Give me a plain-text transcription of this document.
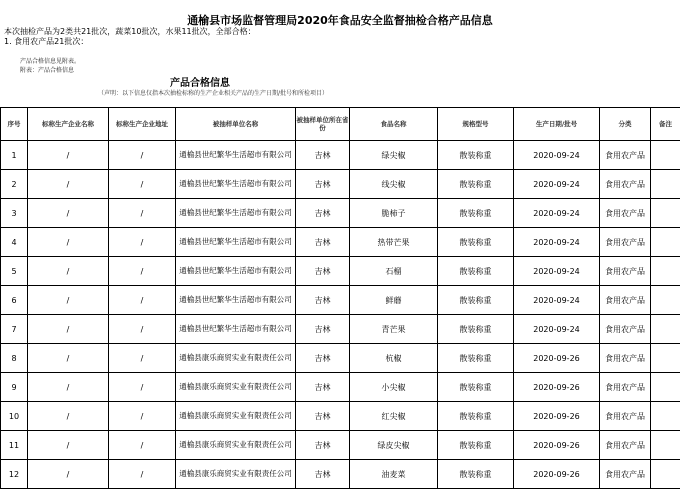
通榆县市场监督管理局2020年食品安全监督抽检合格产品信息
本次抽检产品为2类共21批次，蔬菜10批次，水果11批次，全部合格：
1. 食用农产品21批次：
产品合格信息见附表。
附表：产品合格信息
产品合格信息
（声明：以下信息仅指本次抽检标称的生产企业相关产品的生产日期/批号和所检项目）
序号	标称生产企业名称	标称生产企业地址	被抽样单位名称	被抽样单位所在省份	食品名称	规格型号	生产日期/批号	分类	备注
1	/	/	通榆县世纪繁华生活超市有限公司	吉林	绿尖椒	散装称重	2020-09-24	食用农产品	
2	/	/	通榆县世纪繁华生活超市有限公司	吉林	线尖椒	散装称重	2020-09-24	食用农产品	
3	/	/	通榆县世纪繁华生活超市有限公司	吉林	脆柿子	散装称重	2020-09-24	食用农产品	
4	/	/	通榆县世纪繁华生活超市有限公司	吉林	热带芒果	散装称重	2020-09-24	食用农产品	
5	/	/	通榆县世纪繁华生活超市有限公司	吉林	石榴	散装称重	2020-09-24	食用农产品	
6	/	/	通榆县世纪繁华生活超市有限公司	吉林	鲜蘑	散装称重	2020-09-24	食用农产品	
7	/	/	通榆县世纪繁华生活超市有限公司	吉林	青芒果	散装称重	2020-09-24	食用农产品	
8	/	/	通榆县康乐商贸实业有限责任公司	吉林	杭椒	散装称重	2020-09-26	食用农产品	
9	/	/	通榆县康乐商贸实业有限责任公司	吉林	小尖椒	散装称重	2020-09-26	食用农产品	
10	/	/	通榆县康乐商贸实业有限责任公司	吉林	红尖椒	散装称重	2020-09-26	食用农产品	
11	/	/	通榆县康乐商贸实业有限责任公司	吉林	绿皮尖椒	散装称重	2020-09-26	食用农产品	
12	/	/	通榆县康乐商贸实业有限责任公司	吉林	油麦菜	散装称重	2020-09-26	食用农产品	
